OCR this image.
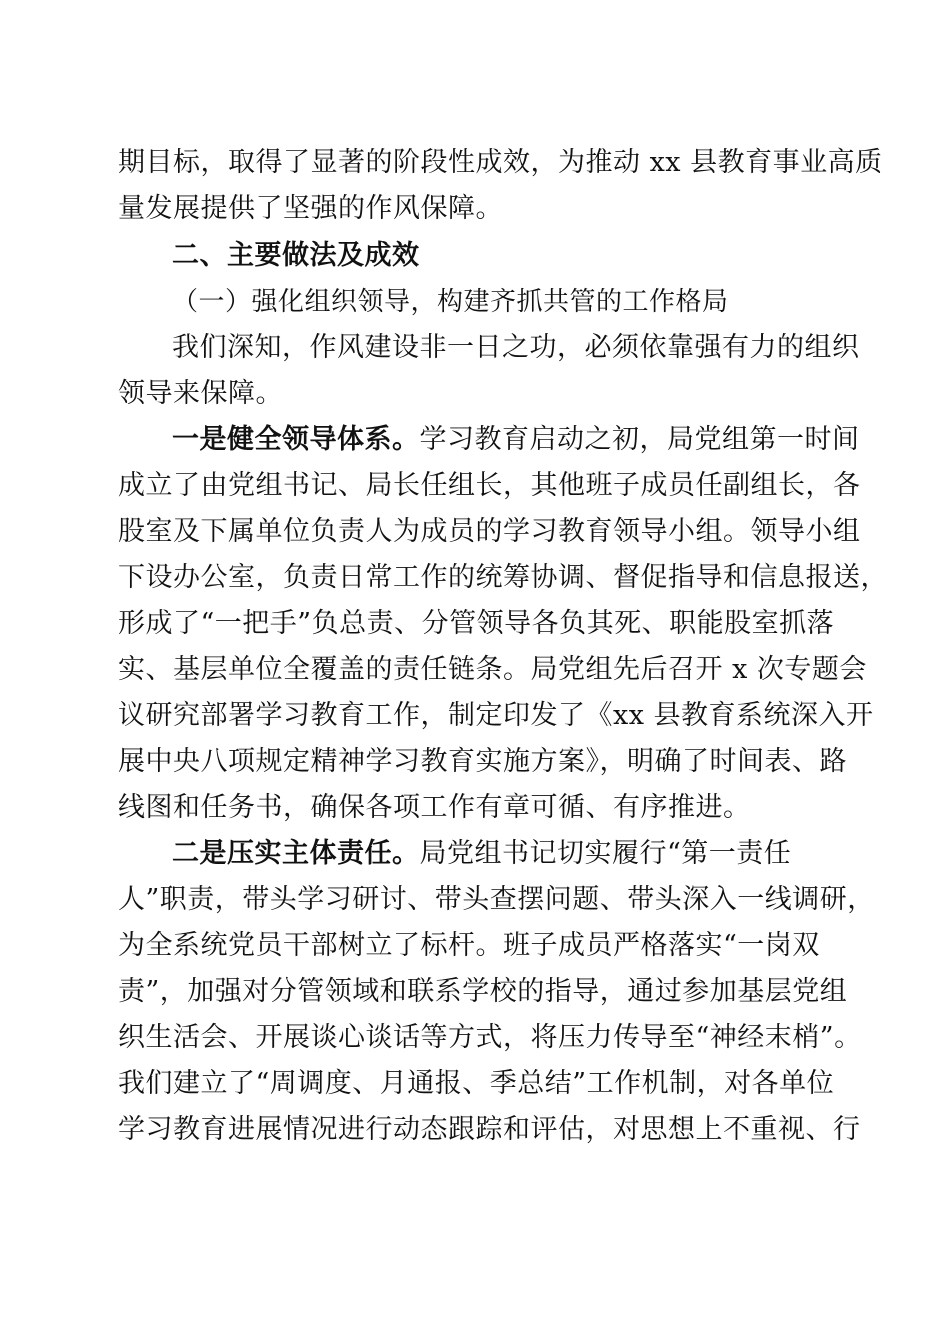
期目标，取得了显著的阶段性成效，为推动 xx 县教育事业高质
量发展提供了坚强的作风保障。
二、主要做法及成效
（一）强化组织领导，构建齐抓共管的工作格局
我们深知，作风建设非一日之功，必须依靠强有力的组织
领导来保障。
一是健全领导体系。学习教育启动之初，局党组第一时间
成立了由党组书记、局长任组长，其他班子成员任副组长，各
股室及下属单位负责人为成员的学习教育领导小组。领导小组
下设办公室，负责日常工作的统筹协调、督促指导和信息报送，
形成了“一把手”负总责、分管领导各负其死、职能股室抓落
实、基层单位全覆盖的责任链条。局党组先后召开 x 次专题会
议研究部署学习教育工作，制定印发了《xx 县教育系统深入开
展中央八项规定精神学习教育实施方案》，明确了时间表、路
线图和任务书，确保各项工作有章可循、有序推进。
二是压实主体责任。局党组书记切实履行“第一责任
人”职责，带头学习研讨、带头查摆问题、带头深入一线调研，
为全系统党员干部树立了标杆。班子成员严格落实“一岗双
责”，加强对分管领域和联系学校的指导，通过参加基层党组
织生活会、开展谈心谈话等方式，将压力传导至“神经末梢”。
我们建立了“周调度、月通报、季总结”工作机制，对各单位
学习教育进展情况进行动态跟踪和评估，对思想上不重视、行
